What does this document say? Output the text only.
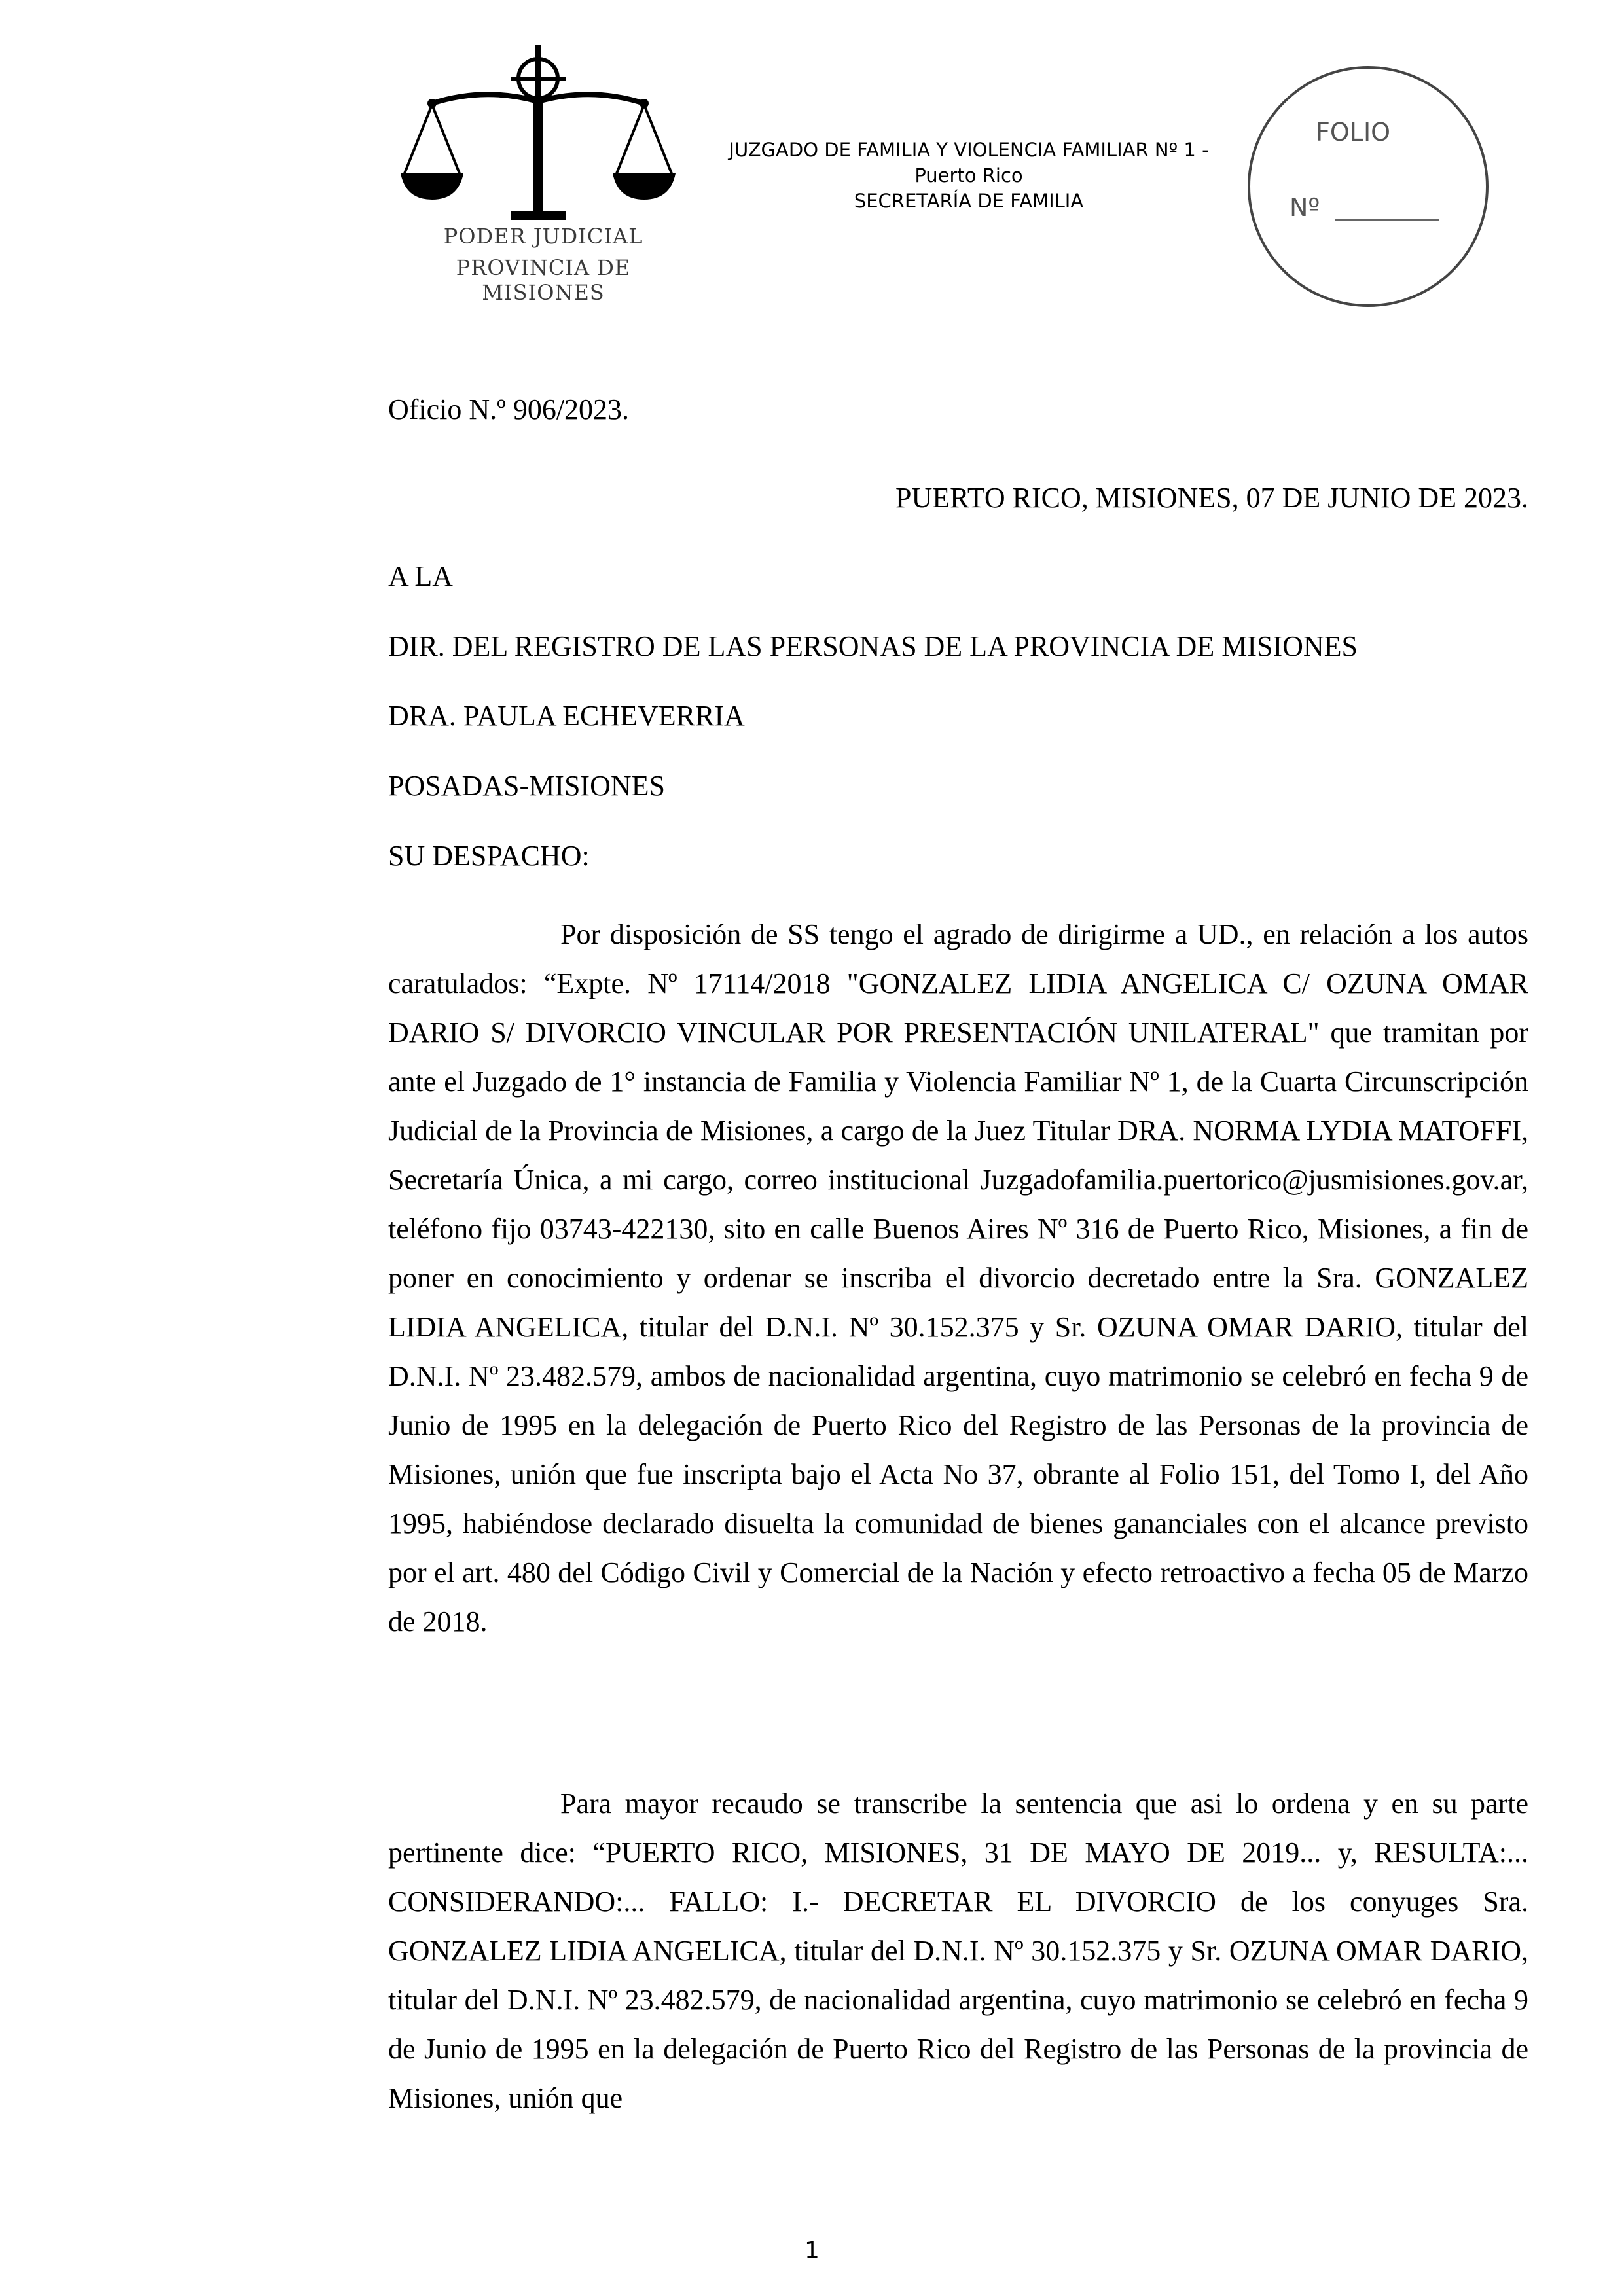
PODER JUDICIAL
PROVINCIA DE MISIONES
JUZGADO DE FAMILIA Y VIOLENCIA FAMILIAR Nº 1 -
Puerto Rico
SECRETARÍA DE FAMILIA
FOLIO
Nº
Oficio N.º 906/2023.
PUERTO RICO, MISIONES, 07 DE JUNIO DE 2023.
A LA
DIR. DEL REGISTRO DE LAS PERSONAS DE LA PROVINCIA DE MISIONES
DRA. PAULA ECHEVERRIA
POSADAS-MISIONES
SU DESPACHO:

Por disposición de SS tengo el agrado de dirigirme a UD., en relación a los autos caratulados: “Expte. Nº 17114/2018 "GONZALEZ LIDIA ANGELICA C/ OZUNA OMAR DARIO S/ DIVORCIO VINCULAR POR PRESENTACIÓN UNILATERAL" que tramitan por ante el Juzgado de 1° instancia de Familia y Violencia Familiar Nº 1, de la Cuarta Circunscripción Judicial de la Provincia de Misiones, a cargo de la Juez Titular DRA. NORMA LYDIA MATOFFI, Secretaría Única, a mi cargo, correo institucional Juzgadofamilia.puertorico@jusmisiones.gov.ar, teléfono fijo 03743-422130, sito en calle Buenos Aires Nº 316 de Puerto Rico, Misiones, a fin de poner en conocimiento y ordenar se inscriba el divorcio decretado entre la Sra. GONZALEZ LIDIA ANGELICA, titular del D.N.I. Nº 30.152.375 y Sr. OZUNA OMAR DARIO, titular del D.N.I. Nº 23.482.579, ambos de nacionalidad argentina, cuyo matrimonio se celebró en fecha 9 de Junio de 1995 en la delegación de Puerto Rico del Registro de las Personas de la provincia de Misiones, unión que fue inscripta bajo el Acta No 37, obrante al Folio 151, del Tomo I, del Año 1995, habiéndose declarado disuelta la comunidad de bienes gananciales con el alcance previsto por el art. 480 del Código Civil y Comercial de la Nación y efecto retroactivo a fecha 05 de Marzo de 2018.

Para mayor recaudo se transcribe la sentencia que asi lo ordena y en su parte pertinente dice: “PUERTO RICO, MISIONES, 31 DE MAYO DE 2019... y, RESULTA:... CONSIDERANDO:... FALLO: I.- DECRETAR EL DIVORCIO de los conyuges Sra. GONZALEZ LIDIA ANGELICA, titular del D.N.I. Nº 30.152.375 y Sr. OZUNA OMAR DARIO, titular del D.N.I. Nº 23.482.579, de nacionalidad argentina, cuyo matrimonio se celebró en fecha 9 de Junio de 1995 en la delegación de Puerto Rico del Registro de las Personas de la provincia de Misiones, unión que

1
